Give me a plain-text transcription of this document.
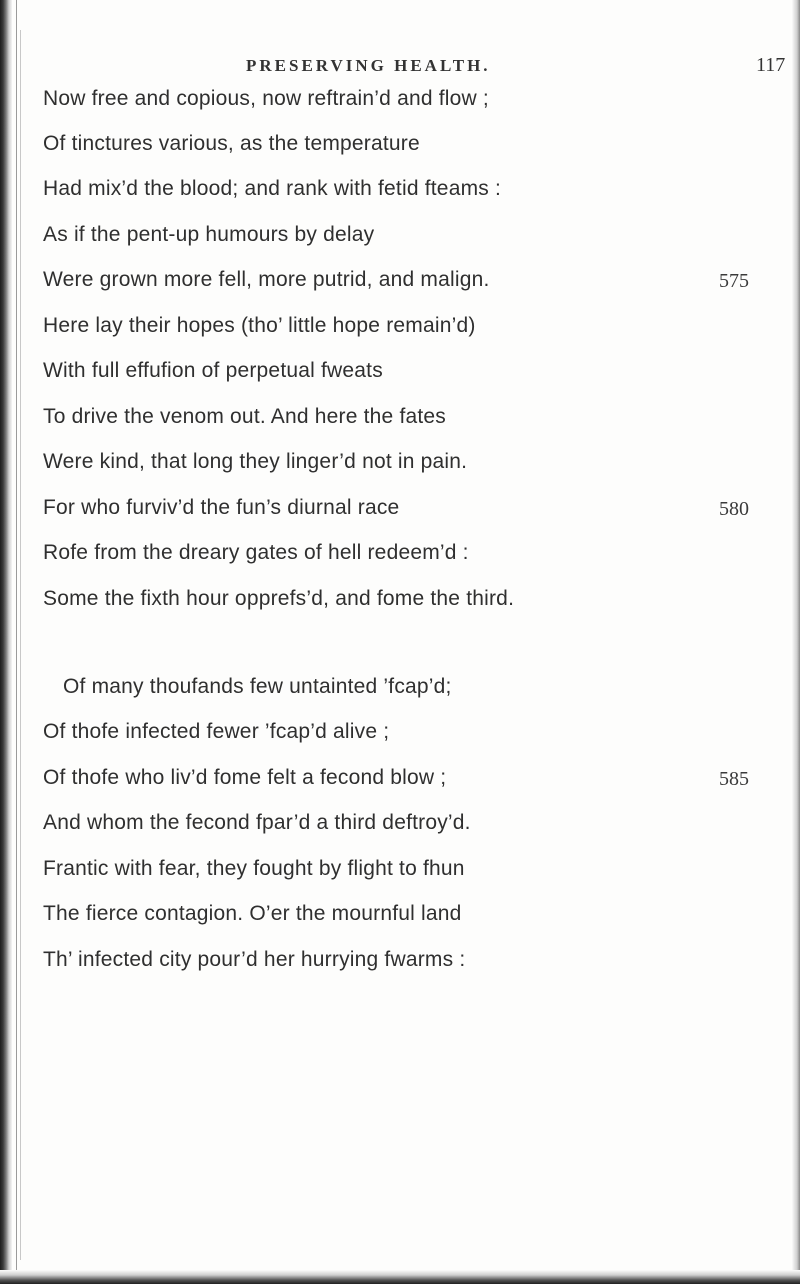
PRESERVING HEALTH.	117
Now free and copious, now reftrain’d and flow ;
Of tinctures various, as the temperature
Had mix’d the blood; and rank with fetid fteams :
As if the pent-up humours by delay
Were grown more fell, more putrid, and malign.	575
Here lay their hopes (tho’ little hope remain’d)
With full effufion of perpetual fweats
To drive the venom out. And here the fates
Were kind, that long they linger’d not in pain.
For who furviv’d the fun’s diurnal race	580
Rofe from the dreary gates of hell redeem’d :
Some the fixth hour opprefs’d, and fome the third.
Of many thoufands few untainted ’fcap’d;
Of thofe infected fewer ’fcap’d alive ;
Of thofe who liv’d fome felt a fecond blow ;	585
And whom the fecond fpar’d a third deftroy’d.
Frantic with fear, they fought by flight to fhun
The fierce contagion. O’er the mournful land
Th’ infected city pour’d her hurrying fwarms :
